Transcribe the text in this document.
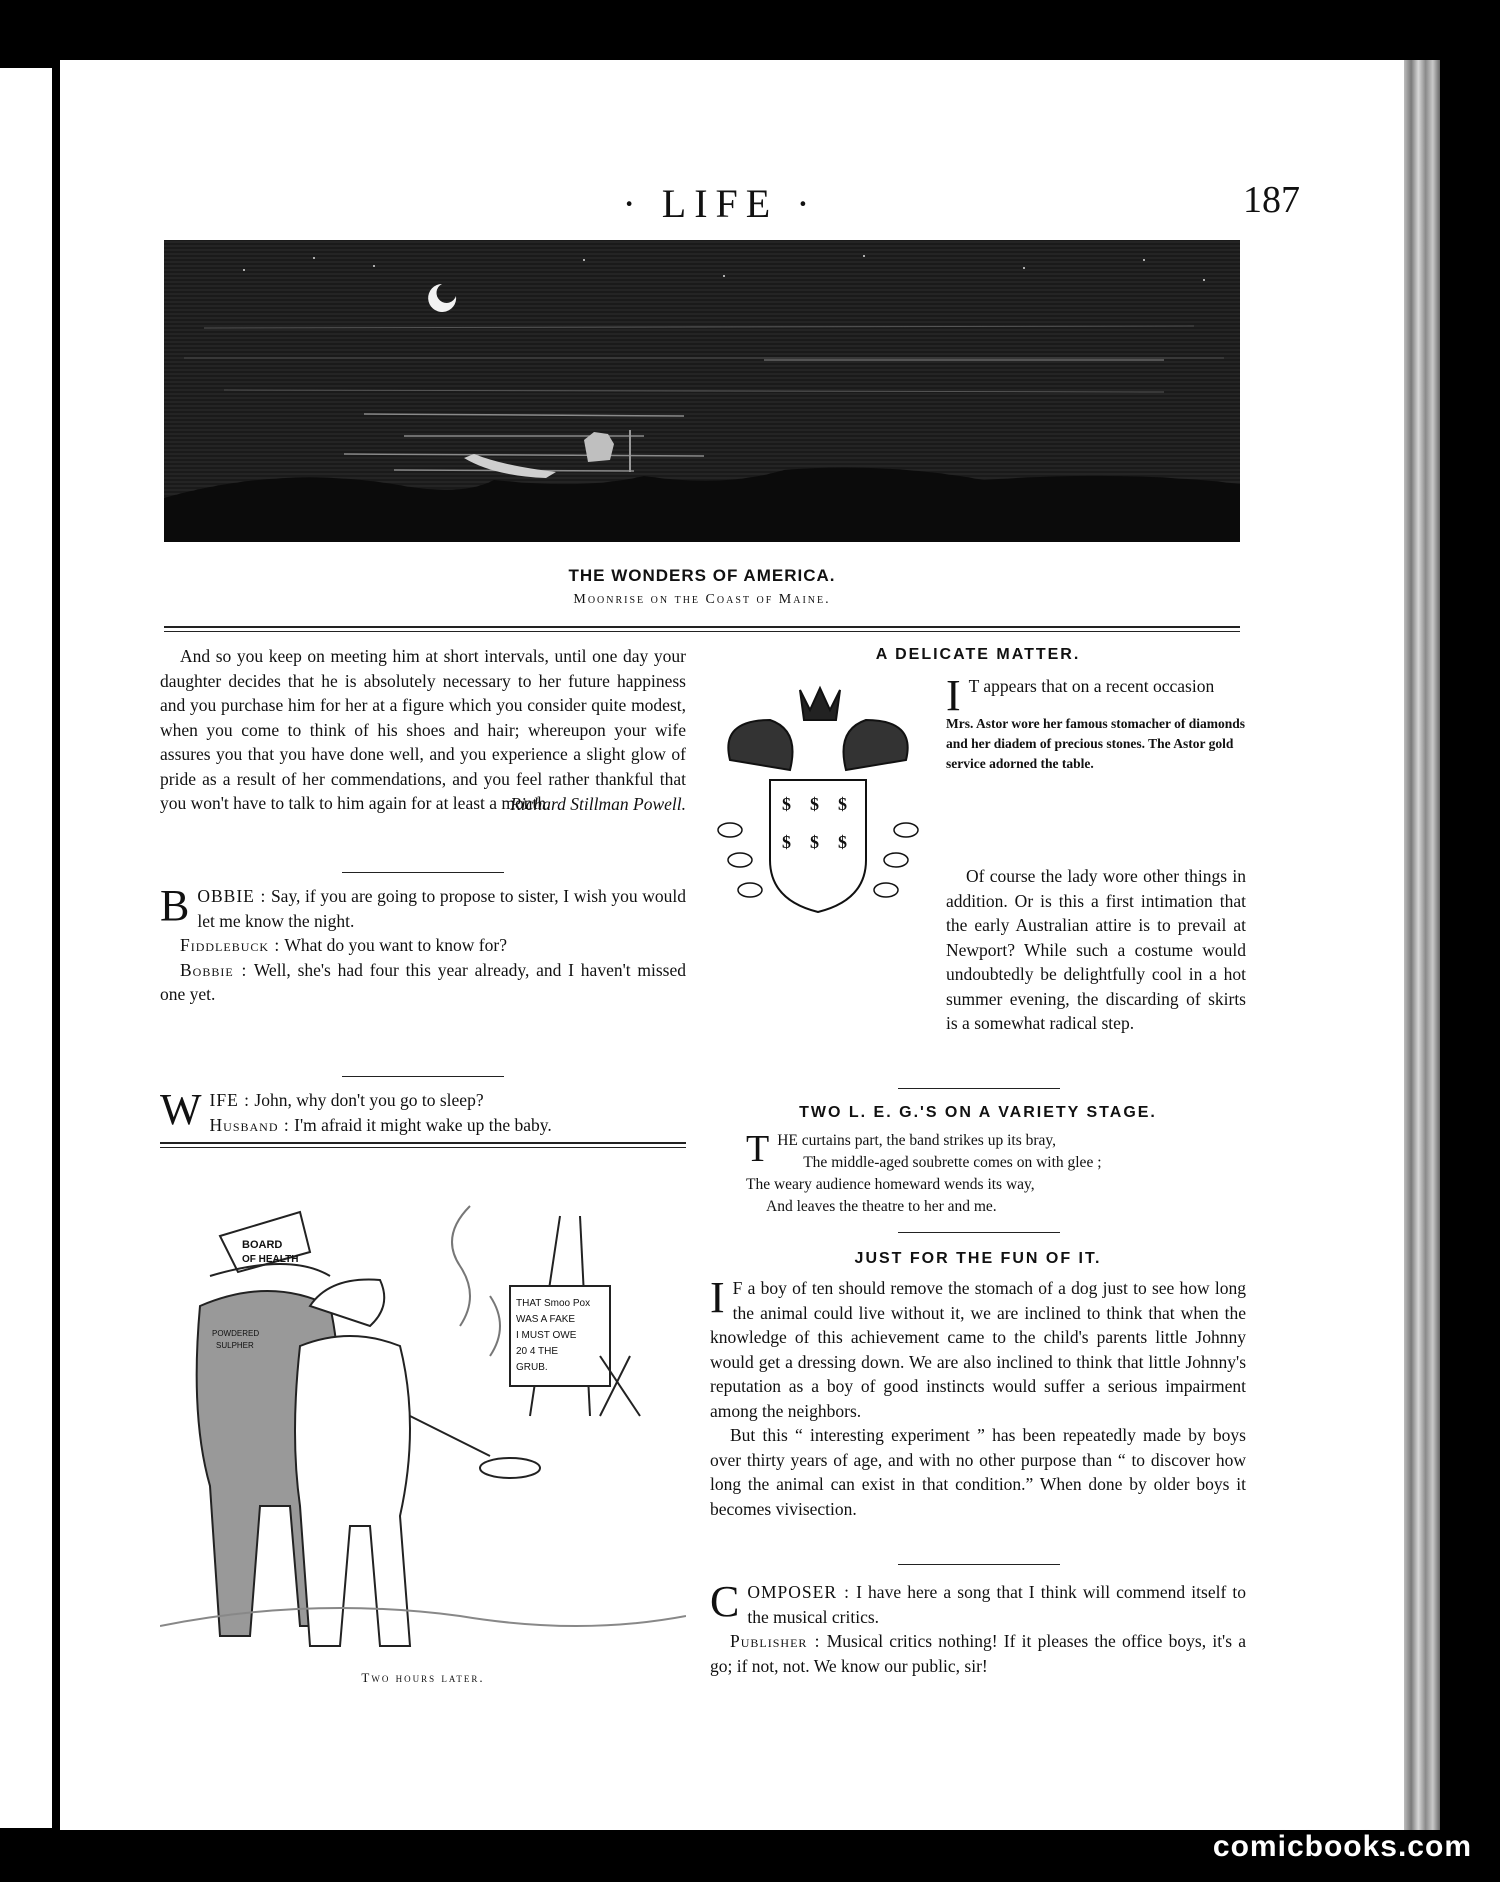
· LIFE ·	187
THE WONDERS OF AMERICA.
Moonrise on the Coast of Maine.

And so you keep on meeting him at short intervals, until one day your daughter decides that he is absolutely necessary to her future happiness and you purchase him for her at a figure which you consider quite modest, when you come to think of his shoes and hair; whereupon your wife assures you that you have done well, and you experience a slight glow of pride as a result of her commendations, and you feel rather thankful that you won't have to talk to him again for at least a month.

Richard Stillman Powell.

B OBBIE : Say, if you are going to propose to sister, I wish you would let me know the night.

Fiddlebuck : What do you want to know for?

Bobbie : Well, she's had four this year already, and I haven't missed one yet.

W IFE : John, why don't you go to sleep?
Husband : I'm afraid it might wake up the baby.

BOARD
OF HEALTH
POWDERED
SULPHER
THAT Smoo Pox
WAS A FAKE
I MUST OWE
20 4 THE
GRUB.
Two hours later.
A DELICATE MATTER.
$ $ $
$ $ $

I T appears that on a recent occasion

Mrs. Astor wore her famous stomacher of diamonds and her diadem of precious stones. The Astor gold service adorned the table.

Of course the lady wore other things in addition. Or is this a first intimation that the early Australian attire is to prevail at Newport? While such a costume would undoubtedly be delightfully cool in a hot summer evening, the discarding of skirts is a somewhat radical step.

TWO L. E. G.'S ON A VARIETY STAGE.

T HE curtains part, the band strikes up its bray,
The middle-aged soubrette comes on with glee ;

The weary audience homeward wends its way,

And leaves the theatre to her and me.

JUST FOR THE FUN OF IT.

I F a boy of ten should remove the stomach of a dog just to see how long the animal could live without it, we are inclined to think that when the knowledge of this achievement came to the child's parents little Johnny would get a dressing down. We are also inclined to think that little Johnny's reputation as a boy of good instincts would suffer a serious impairment among the neighbors.

But this “ interesting experiment ” has been repeatedly made by boys over thirty years of age, and with no other purpose than “ to discover how long the animal can exist in that condition.” When done by older boys it becomes vivisection.

C OMPOSER : I have here a song that I think will commend itself to the musical critics.

Publisher : Musical critics nothing! If it pleases the office boys, it's a go; if not, not. We know our public, sir!

comicbooks.com
